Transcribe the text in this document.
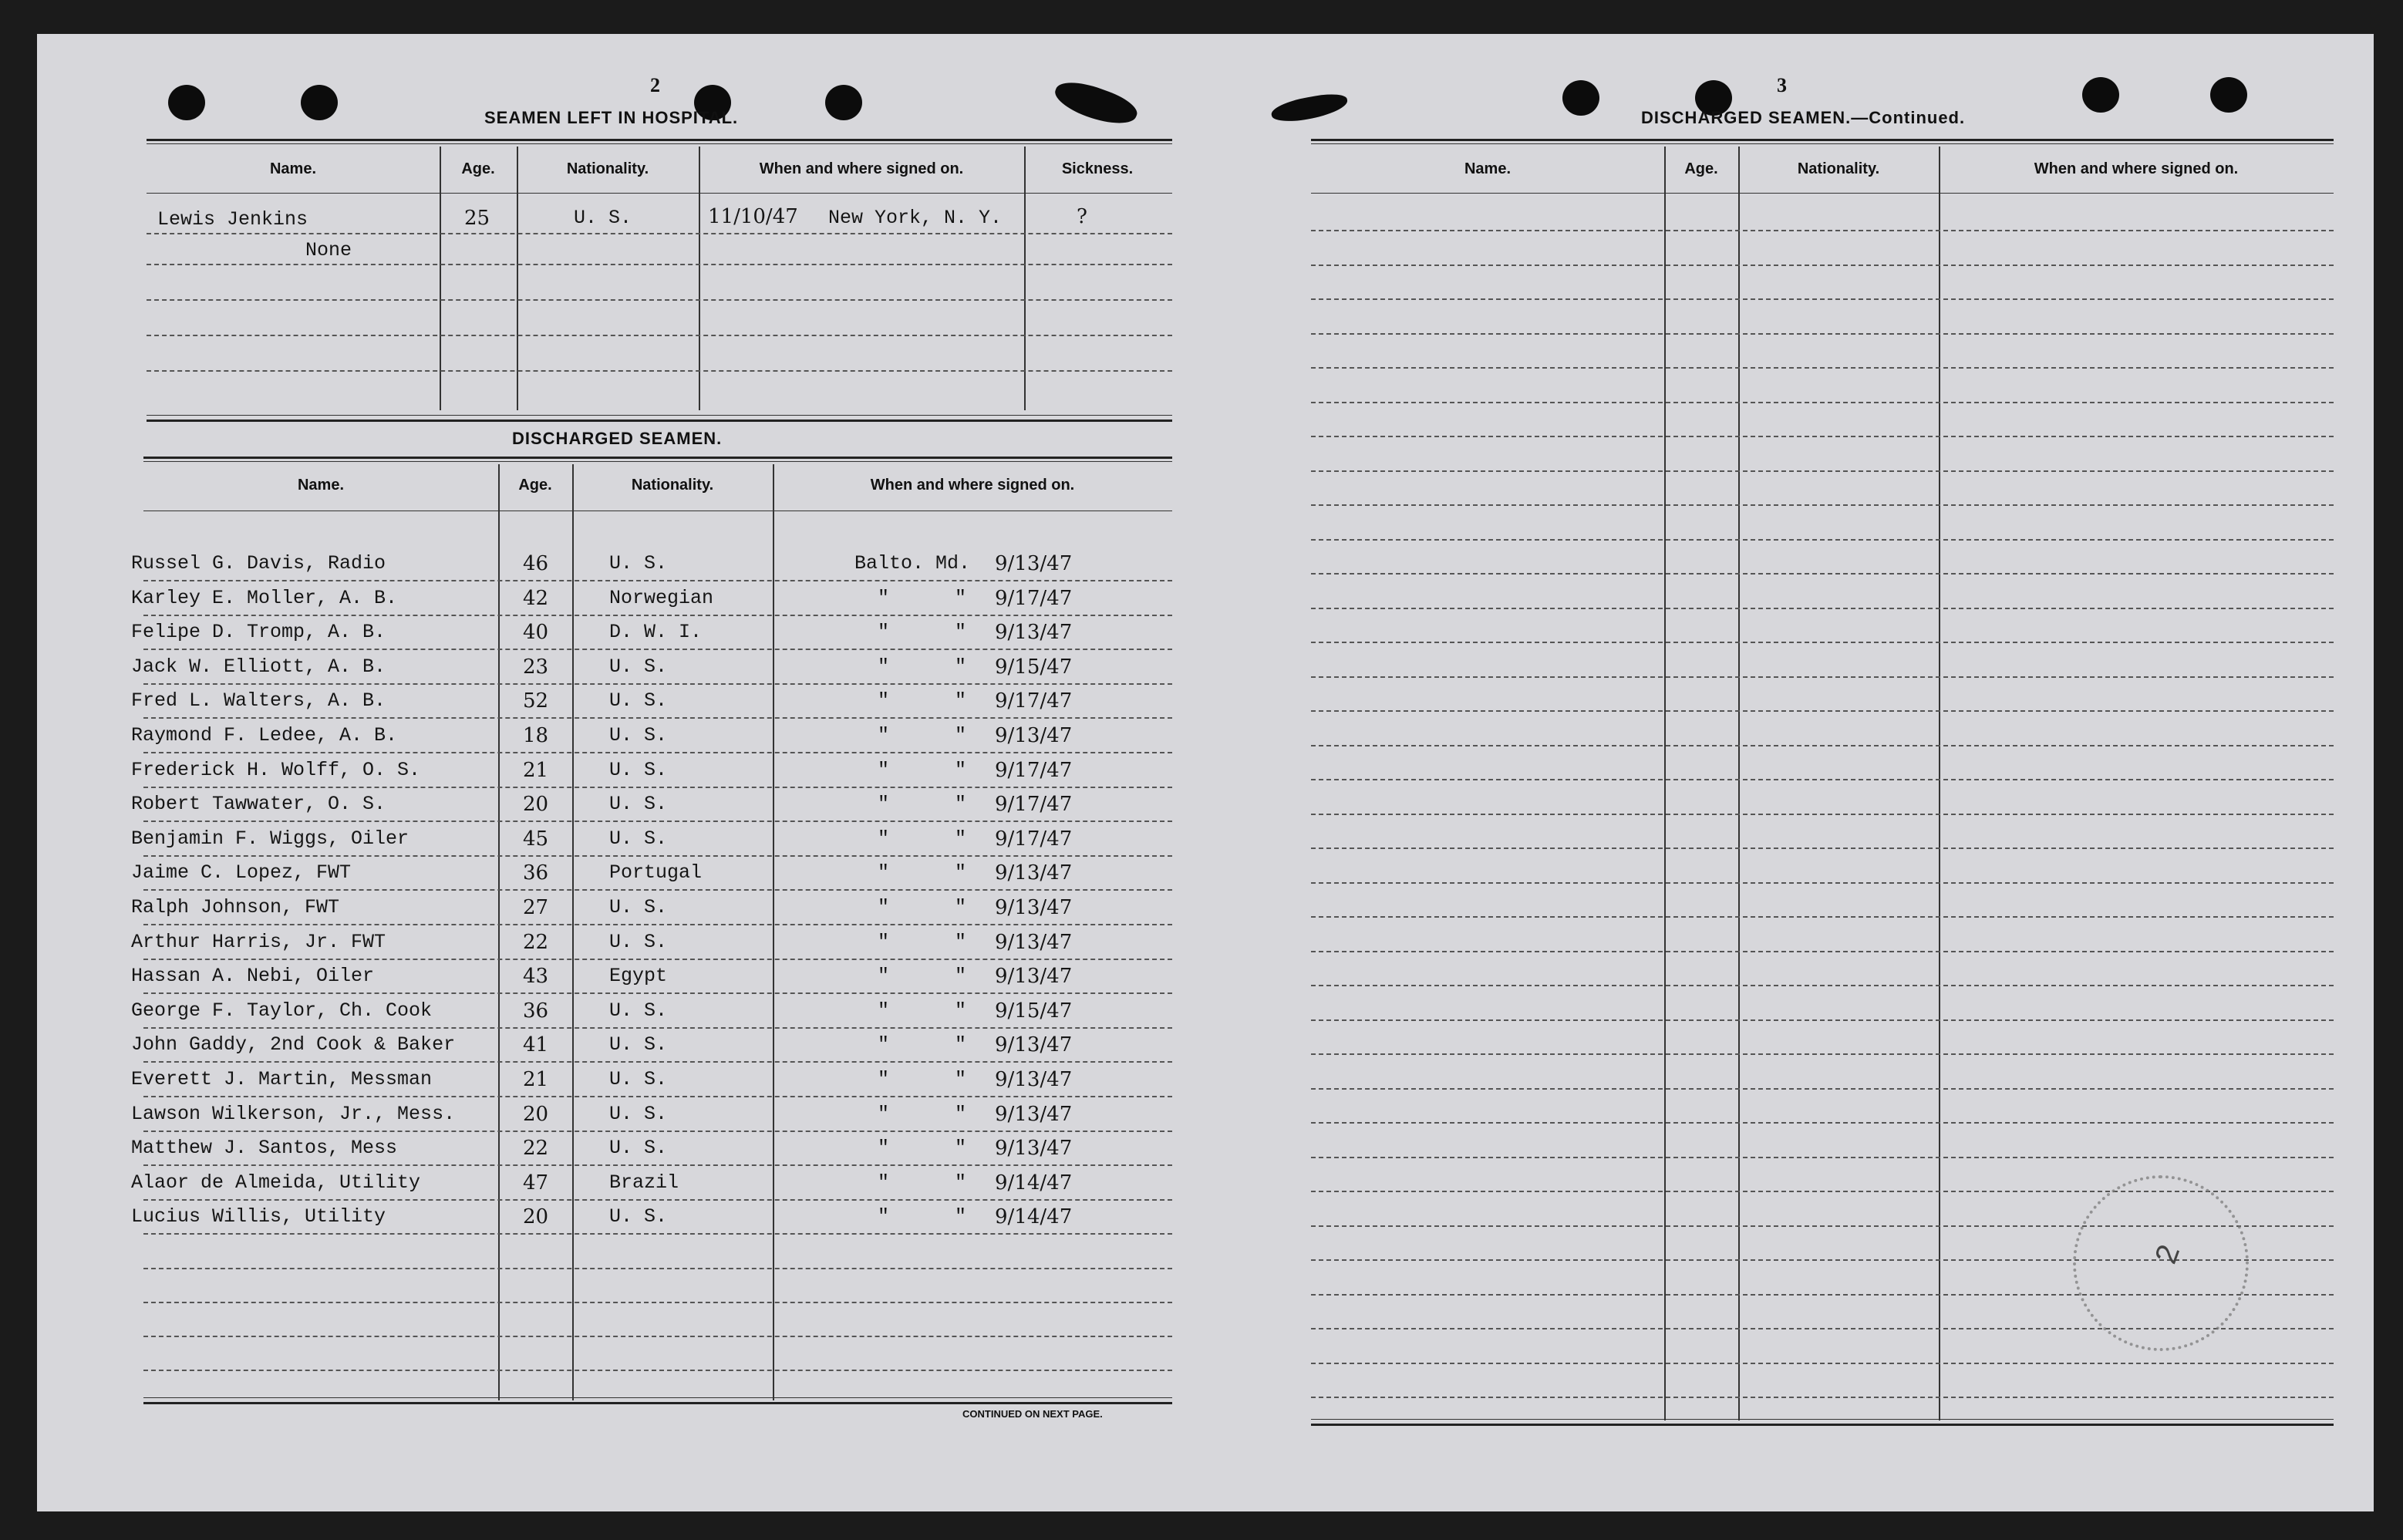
2
SEAMEN LEFT IN HOSPITAL.
Name.	Age.	Nationality.	When and where signed on.	Sickness.
Lewis Jenkins	25	U. S.	11/10/47 New York, N. Y.	?
None
DISCHARGED SEAMEN.
Name.	Age.	Nationality.	When and where signed on.
Russel G. Davis, Radio	46	U. S.	Balto. Md. 9/13/47
Karley E. Moller, A. B.	42	Norwegian	"	" 9/17/47
Felipe D. Tromp, A. B.	40	D. W. I.	"	" 9/13/47
Jack W. Elliott, A. B.	23	U. S.	"	" 9/15/47
Fred L. Walters, A. B.	52	U. S.	"	" 9/17/47
Raymond F. Ledee, A. B.	18	U. S.	"	" 9/13/47
Frederick H. Wolff, O. S.	21	U. S.	"	" 9/17/47
Robert Tawwater, O. S.	20	U. S.	"	" 9/17/47
Benjamin F. Wiggs, Oiler	45	U. S.	"	" 9/17/47
Jaime C. Lopez, FWT	36	Portugal	"	" 9/13/47
Ralph Johnson, FWT	27	U. S.	"	" 9/13/47
Arthur Harris, Jr. FWT	22	U. S.	"	" 9/13/47
Hassan A. Nebi, Oiler	43	Egypt	"	" 9/13/47
George F. Taylor, Ch. Cook	36	U. S.	"	" 9/15/47
John Gaddy, 2nd Cook & Baker	41	U. S.	"	" 9/13/47
Everett J. Martin, Messman	21	U. S.	"	" 9/13/47
Lawson Wilkerson, Jr., Mess.	20	U. S.	"	" 9/13/47
Matthew J. Santos, Mess	22	U. S.	"	" 9/13/47
Alaor de Almeida, Utility	47	Brazil	"	" 9/14/47
Lucius Willis, Utility	20	U. S.	"	" 9/14/47
CONTINUED ON NEXT PAGE.
3
DISCHARGED SEAMEN.—Continued.
Name.	Age.	Nationality.	When and where signed on.
2
